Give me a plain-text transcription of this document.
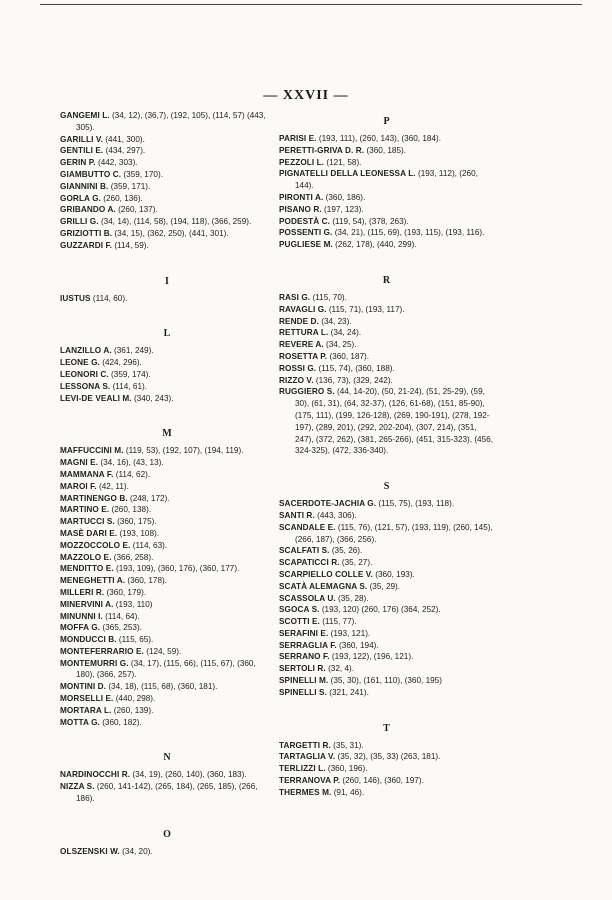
— XXVII —
GANGEMI L. (34, 12), (36,7), (192, 105), (114, 57) (443, 305).
GARILLI V. (441, 300).
GENTILI E. (434, 297).
GERIN P. (442, 303).
GIAMBUTTO C. (359, 170).
GIANNINI B. (359, 171).
GORLA G. (260, 136).
GRIBANDO A. (260, 137).
GRILLI G. (34, 14), (114, 58), (194, 118), (366, 259).
GRIZIOTTI B. (34, 15), (362, 250), (441, 301).
GUZZARDI F. (114, 59).
I
IUSTUS (114, 60).
L
LANZILLO A. (361, 249).
LEONE G. (424, 296).
LEONORI C. (359, 174).
LESSONA S. (114, 61).
LEVI-DE VEALI M. (340, 243).
M
MAFFUCCINI M. (119, 53), (192, 107), (194, 119).
MAGNI E. (34, 16), (43, 13).
MAMMANA F. (114, 62).
MAROI F. (42, 11).
MARTINENGO B. (248, 172).
MARTINO E. (260, 138).
MARTUCCI S. (360, 175).
MASÈ DARI E. (193, 108).
MOZZOCCOLO E. (114, 63).
MAZZOLO E. (366, 258).
MENDITTO E. (193, 109), (360, 176), (360, 177).
MENEGHETTI A. (360, 178).
MILLERI R. (360, 179).
MINERVINI A. (193, 110)
MINUNNI I. (114, 64).
MOFFA G. (365, 253).
MONDUCCI B. (115, 65).
MONTEFERRARIO E. (124, 59).
MONTEMURRI G. (34, 17), (115, 66), (115, 67), (360, 180), (366, 257).
MONTINI D. (34, 18), (115, 68), (360, 181).
MORSELLI E. (440, 298).
MORTARA L. (260, 139).
MOTTA G. (360, 182).
N
NARDINOCCHI R. (34, 19), (260, 140), (360, 183).
NIZZA S. (260, 141-142), (265, 184), (265, 185), (266, 186).
O
OLSZENSKI W. (34, 20).
P
PARISI E. (193, 111), (260, 143), (360, 184).
PERETTI-GRIVA D. R. (360, 185).
PEZZOLI L. (121, 58).
PIGNATELLI DELLA LEONESSA L. (193, 112), (260, 144).
PIRONTI A. (360, 186).
PISANO R. (197, 123).
PODESTÀ C. (119, 54), (378, 263).
POSSENTI G. (34, 21), (115, 69), (193, 115), (193, 116).
PUGLIESE M. (262, 178), (440, 299).
R
RASI G. (115, 70).
RAVAGLI G. (115, 71), (193, 117).
RENDE D. (34, 23).
RETTURA L. (34, 24).
REVERE A. (34, 25).
ROSETTA P. (360, 187).
ROSSI G. (115, 74), (360, 188).
RIZZO V. (136, 73), (329, 242).
RUGGIERO S. (44, 14-20), (50, 21-24), (51, 25-29), (59, 30), (61, 31), (64, 32-37), (126, 61-68), (151, 85-90), (175, 111), (199, 126-128), (269, 190-191), (278, 192-197), (289, 201), (292, 202-204), (307, 214), (351, 247), (372, 262), (381, 265-266), (451, 315-323), (456, 324-325), (472, 336-340).
S
SACERDOTE-JACHIA G. (115, 75), (193, 118).
SANTI R. (443, 306).
SCANDALE E. (115, 76), (121, 57), (193, 119), (260, 145), (266, 187), (366, 256).
SCALFATI S. (35, 26).
SCAPATICCI R. (35, 27).
SCARPIELLO COLLE V. (360, 193).
SCATÀ ALEMAGNA S. (35, 29).
SCASSOLA U. (35, 28).
SGOCA S. (193, 120) (260, 176) (364, 252).
SCOTTI E. (115, 77).
SERAFINI E. (193, 121).
SERRAGLIA F. (360, 194).
SERRANO F. (193, 122), (196, 121).
SERTOLI R. (32, 4).
SPINELLI M. (35, 30), (161, 110), (360, 195)
SPINELLI S. (321, 241).
T
TARGETTI R. (35, 31).
TARTAGLIA V. (35, 32), (35, 33) (263, 181).
TERLIZZI L. (360, 196).
TERRANOVA P. (260, 146), (360, 197).
THERMES M. (91, 46).
